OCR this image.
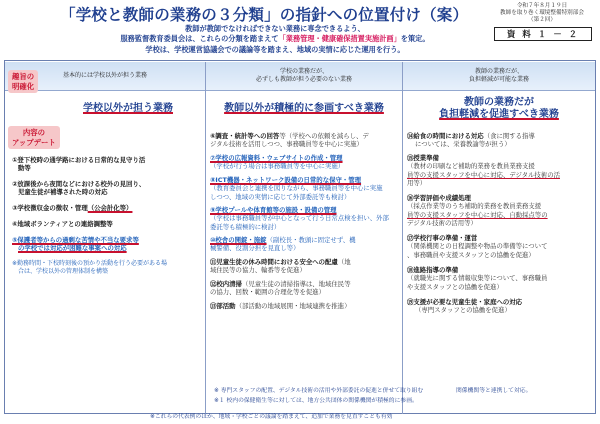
「学校と教師の業務の３分類」の指針への位置付け（案）	令和７年８月１９日
教師を取り巻く環境整備特別部会
（第２回）
資 料 １ － ２
教師が教師でなければできない業務に専念できるよう、
服務監督教育委員会は、これらの分類を踏まえて「業務管理・健康確保措置実施計画」を策定。
学校は、学校運営協議会での議論等を踏まえ、地域の実情に応じた運用を行う。
基本的には学校以外が担う業務
学校の業務だが、
必ずしも教師が担う必要のない業務
教師の業務だが、
負担軽減が可能な業務
学校以外が担う業務	教師以外が積極的に参画すべき業務
教師の業務だが
負担軽減を促進すべき業務
趣旨の
明確化
内容の
アップデート
①登下校時の通学路における日常的な見守り活
動等
②放課後から夜間などにおける校外の見回り、
児童生徒が補導された時の対応
③学校徴収金の徴収・管理（公会計化等）
④地域ボランティアとの連絡調整等
⑤保護者等からの過剰な苦情や不当な要求等
の学校では対応が困難な事案への対応
※勤務時間・下校時刻後の預かり活動を行う必要がある場
合は、学校以外の管理体制を構築
⑥調査・統計等への回答等（学校への依頼を減らし、デ
ジタル技術を活用しつつ、事務職員等を中心に実施）
⑦学校の広報資料・ウェブサイトの作成・管理
（学校が行う場合は事務職員等を中心に実施）
⑧ICT機器・ネットワーク設備の日常的な保守・管理
（教育委員会と連携を図りながら、事務職員等を中心に実施
しつつ、地域の実情に応じて外部委託等も検討）
⑨学校プールや体育館等の施設・設備の管理
（学校は事務職員等が中心となって行う日常点検を担い、外部
委託等も積極的に検討）
⑩校舎の開錠・施錠（副校長・教頭に固定せず、機
械警備、役割分担を見直し等）
⑪児童生徒の休み時間における安全への配慮（地
域住民等の協力、輪番等を促進）
⑫校内清掃（児童生徒の清掃指導は、地域住民等
の協力、回数・範囲の合理化等を促進）
⑬部活動（部活動の地域展開・地域連携を推進）
⑭給食の時間における対応（食に関する指導
については、栄養教諭等が担う）
⑮授業準備
（教材の印刷など補助的業務を教員業務支援
員等の支援スタッフを中心に対応、デジタル技術の活
用等）
⑯学習評価や成績処理
（採点作業等のうち補助的業務を教員業務支援
員等の支援スタッフを中心に対応、自動採点等の
デジタル技術の活用等）
⑰学校行事の準備・運営
（関係機関との日程調整や物品の準備等について
、事務職員や支援スタッフとの協働を促進）
⑱進路指導の準備
（就職先に関する情報収集等について、事務職員
や支援スタッフとの協働を促進）
⑲支援が必要な児童生徒・家庭への対応
（専門スタッフとの協働を促進）
※ 専門スタッフの配置、デジタル技術の活用や外部委託の促進と併せて取り組む	関係機関等と連携して対応。
※１ 校内の保健衛生等に対しては、地方公共団体の関係機関が積極的に参画。
※これらの代表例のほか、地域・学校ごとの議論を踏まえて、追加で業務を見直すことも有効
